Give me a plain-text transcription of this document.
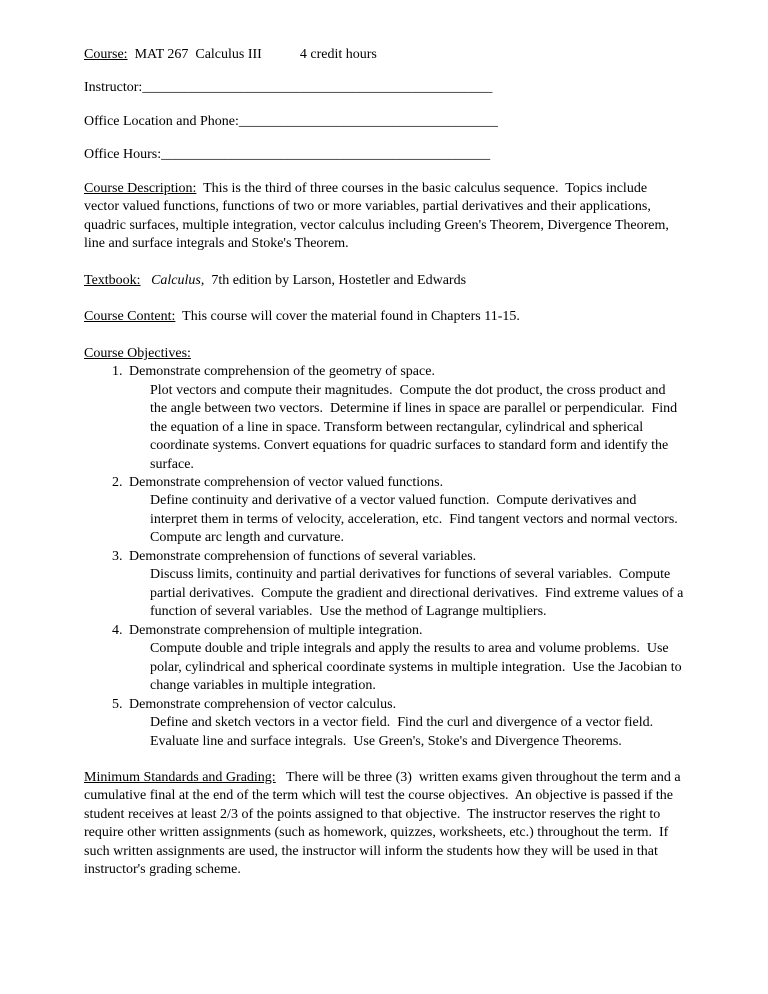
Course:  MAT 267  Calculus III	4 credit hours
Instructor:__________________________________________________
Office Location and Phone:_____________________________________
Office Hours:_______________________________________________
Course Description:  This is the third of three courses in the basic calculus sequence.  Topics include vector valued functions, functions of two or more variables, partial derivatives and their applications, quadric surfaces, multiple integration, vector calculus including Green's Theorem, Divergence Theorem, line and surface integrals and Stoke's Theorem.
Textbook:   Calculus,  7th edition by Larson, Hostetler and Edwards
Course Content:  This course will cover the material found in Chapters 11-15.
Course Objectives:
1. Demonstrate comprehension of the geometry of space.
Plot vectors and compute their magnitudes.  Compute the dot product, the cross product and the angle between two vectors.  Determine if lines in space are parallel or perpendicular.  Find the equation of a line in space. Transform between rectangular, cylindrical and spherical coordinate systems. Convert equations for quadric surfaces to standard form and identify the surface.
2. Demonstrate comprehension of vector valued functions.
Define continuity and derivative of a vector valued function.  Compute derivatives and interpret them in terms of velocity, acceleration, etc.  Find tangent vectors and normal vectors.  Compute arc length and curvature.
3. Demonstrate comprehension of functions of several variables.
Discuss limits, continuity and partial derivatives for functions of several variables.  Compute partial derivatives.  Compute the gradient and directional derivatives.  Find extreme values of a function of several variables.  Use the method of Lagrange multipliers.
4. Demonstrate comprehension of multiple integration.
Compute double and triple integrals and apply the results to area and volume problems.  Use polar, cylindrical and spherical coordinate systems in multiple integration.  Use the Jacobian to change variables in multiple integration.
5. Demonstrate comprehension of vector calculus.
Define and sketch vectors in a vector field.  Find the curl and divergence of a vector field.  Evaluate line and surface integrals.  Use Green's, Stoke's and Divergence Theorems.
Minimum Standards and Grading:   There will be three (3)  written exams given throughout the term and a cumulative final at the end of the term which will test the course objectives.  An objective is passed if the student receives at least 2/3 of the points assigned to that objective.  The instructor reserves the right to require other written assignments (such as homework, quizzes, worksheets, etc.) throughout the term.  If such written assignments are used, the instructor will inform the students how they will be used in that instructor's grading scheme.
